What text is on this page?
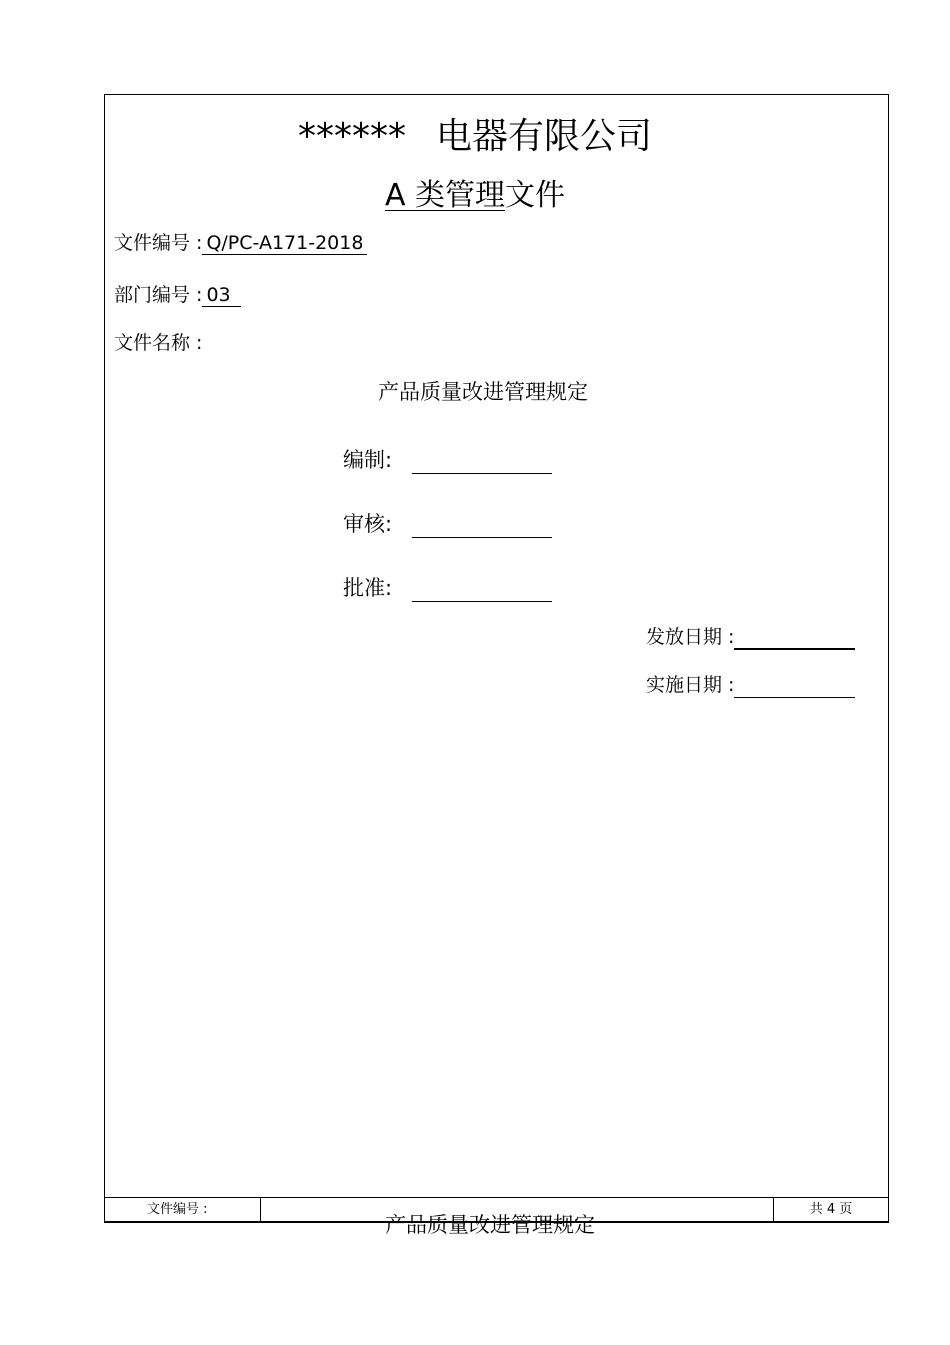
****** 电器有限公司
A 类管理文件
文件编号 : Q/PC-A171-2018
部门编号 : 03
文件名称 :
产品质量改进管理规定
编制:
审核:
批准:
发放日期 :
实施日期 :
文件编号 :	共 4 页
产品质量改进管理规定
